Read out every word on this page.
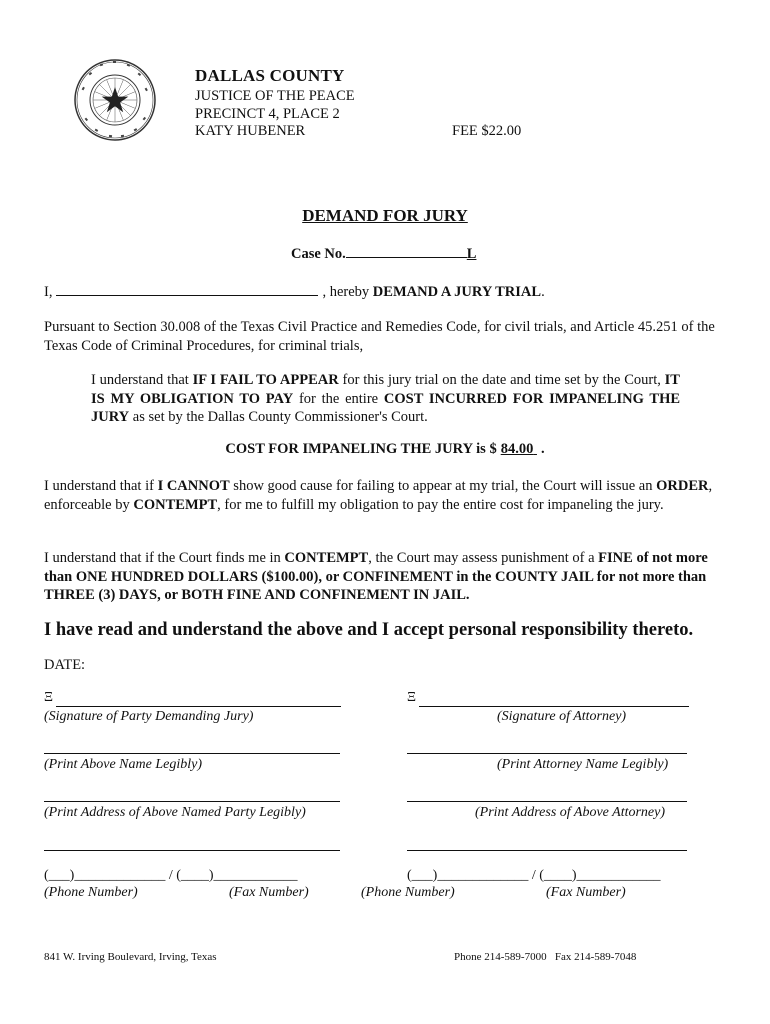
DALLAS COUNTY
JUSTICE OF THE PEACE
PRECINCT 4, PLACE 2
KATY HUBENER	FEE $22.00
DEMAND FOR JURY
Case No.	L
I,	, hereby DEMAND A JURY TRIAL.
Pursuant to Section 30.008 of the Texas Civil Practice and Remedies Code, for civil trials, and Article 45.251 of the Texas Code of Criminal Procedures, for criminal trials,
I understand that IF I FAIL TO APPEAR for this jury trial on the date and time set by the Court, IT IS MY OBLIGATION TO PAY for the entire COST INCURRED FOR IMPANELING THE JURY as set by the Dallas County Commissioner's Court.
COST FOR IMPANELING THE JURY is $ 84.00 .
I understand that if I CANNOT show good cause for failing to appear at my trial, the Court will issue an ORDER, enforceable by CONTEMPT, for me to fulfill my obligation to pay the entire cost for impaneling the jury.
I understand that if the Court finds me in CONTEMPT, the Court may assess punishment of a FINE of not more than ONE HUNDRED DOLLARS ($100.00), or CONFINEMENT in the COUNTY JAIL for not more than THREE (3) DAYS, or BOTH FINE AND CONFINEMENT IN JAIL.
I have read and understand the above and I accept personal responsibility thereto.
DATE:
Ξ
(Signature of Party Demanding Jury)
Ξ
(Signature of Attorney)
(Print Above Name Legibly)	(Print Attorney Name Legibly)
(Print Address of Above Named Party Legibly)	(Print Address of Above Attorney)
(___)_____________ / (____)____________	(___)_____________ / (____)____________
(Phone Number)	(Fax Number)	(Phone Number)	(Fax Number)
841 W. Irving Boulevard, Irving, Texas	Phone 214-589-7000   Fax 214-589-7048
